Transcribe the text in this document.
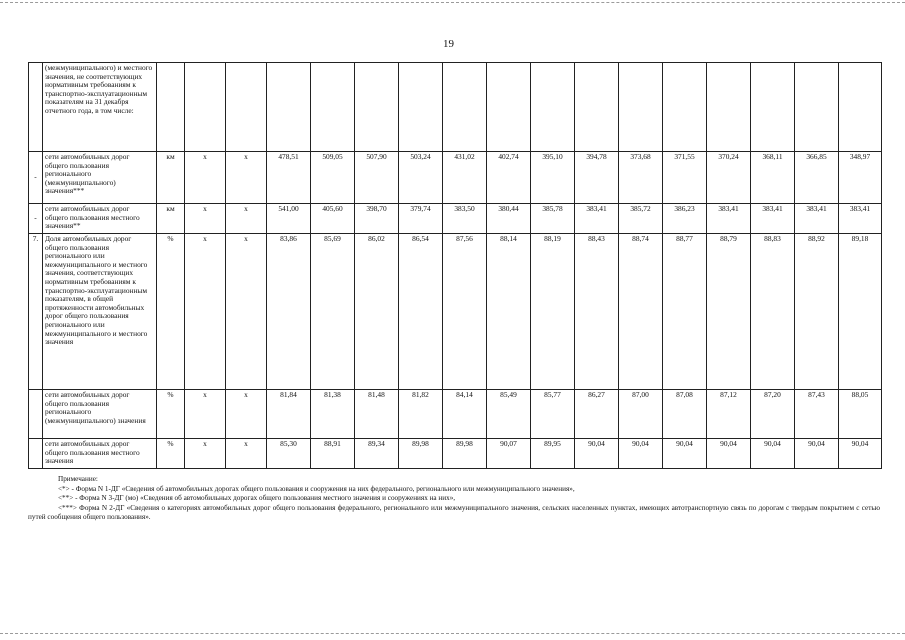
19
	(межмуниципального) и местного значения, не соответствующих нормативным требованиям к транспортно-эксплуатационным показателям на 31 декабря отчетного года, в том числе:																	
-	сети автомобильных дорог общего пользования регионального (межмуниципального) значения***	км	х	х	478,51	509,05	507,90	503,24	431,02	402,74	395,10	394,78	373,68	371,55	370,24	368,11	366,85	348,97
-	сети автомобильных дорог общего пользования местного значения**	км	х	х	541,00	405,60	398,70	379,74	383,50	380,44	385,78	383,41	385,72	386,23	383,41	383,41	383,41	383,41
7.	Доля автомобильных дорог общего пользования регионального или межмуниципального и местного значения, соответствующих нормативным требованиям к транспортно-эксплуатационным показателям, в общей протяженности автомобильных дорог общего пользования регионального или межмуниципального и местного значения	%	х	х	83,86	85,69	86,02	86,54	87,56	88,14	88,19	88,43	88,74	88,77	88,79	88,83	88,92	89,18
	сети автомобильных дорог общего пользования регионального (межмуниципального) значения	%	х	х	81,84	81,38	81,48	81,82	84,14	85,49	85,77	86,27	87,00	87,08	87,12	87,20	87,43	88,05
	сети автомобильных дорог общего пользования местного значения	%	х	х	85,30	88,91	89,34	89,98	89,98	90,07	89,95	90,04	90,04	90,04	90,04	90,04	90,04	90,04
Примечание:
<*> - Форма N 1-ДГ «Сведения об автомобильных дорогах общего пользования и сооружения на них федерального, регионального или межмуниципального значения»,
<**> - Форма N 3-ДГ (мо) «Сведения об автомобильных дорогах общего пользования местного значения и сооружениях на них»,
<***> Форма N 2-ДГ «Сведения о категориях автомобильных дорог общего пользования федерального, регионального или межмуниципального значения, сельских населенных пунктах, имеющих автотранспортную связь по дорогам с твердым покрытием с сетью путей сообщения общего пользования».
